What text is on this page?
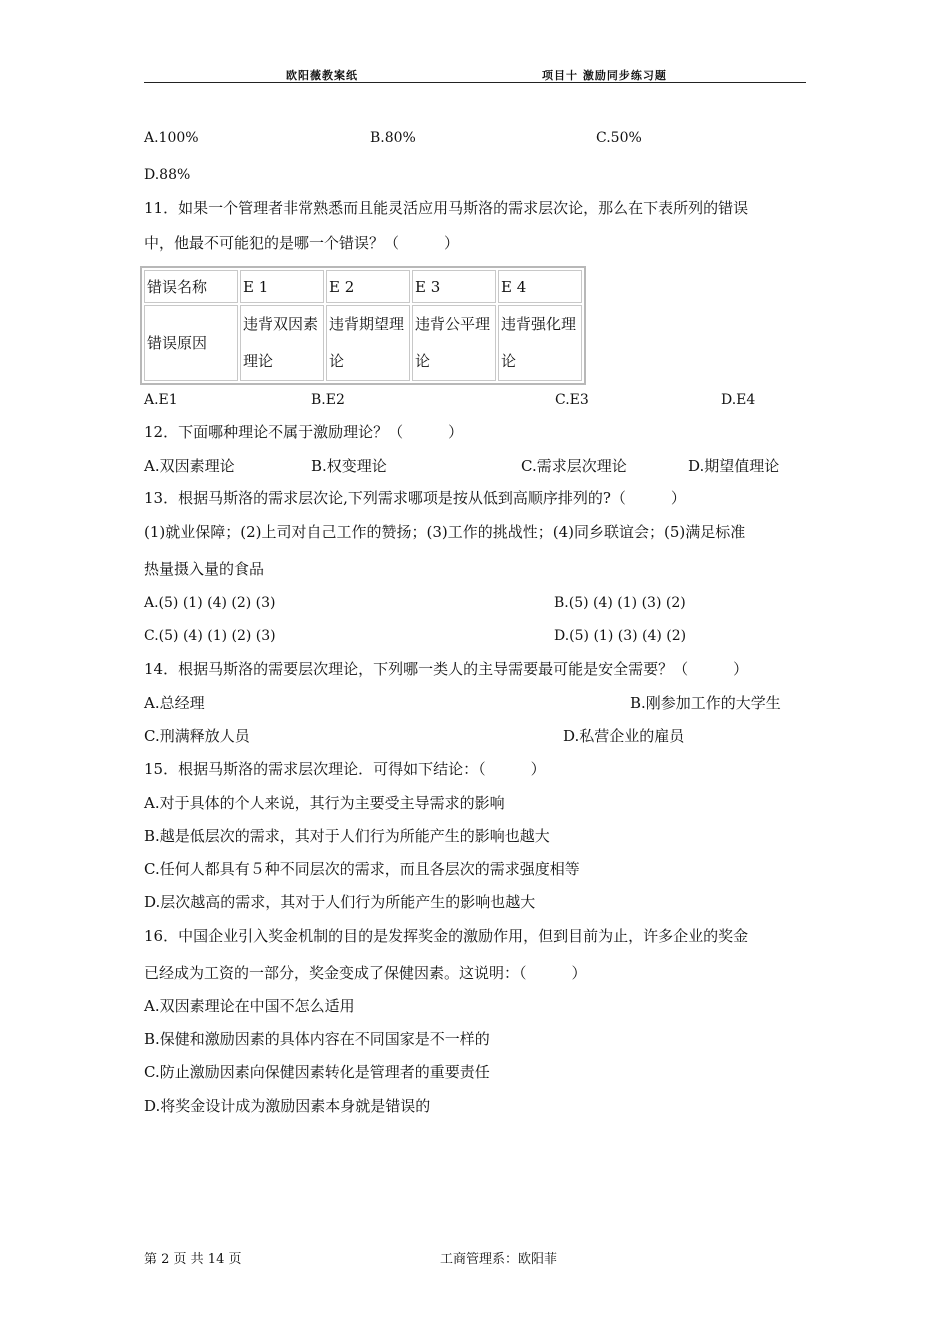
欧阳薇教案纸	项目十 激励同步练习题
A.100%	B.80%	C.50%
D.88%
11．如果一个管理者非常熟悉而且能灵活应用马斯洛的需求层次论，那么在下表所列的错误
中，他最不可能犯的是哪一个错误？（　　　）
错误名称	E 1	E 2	E 3	E 4
错误原因	违背双因素理论	违背期望理论	违背公平理论	违背强化理论
A.E1	B.E2	C.E3	D.E4
12．下面哪种理论不属于激励理论？（　　　）
A.双因素理论	B.权变理论	C.需求层次理论	D.期望值理论
13．根据马斯洛的需求层次论,下列需求哪项是按从低到高顺序排列的?（　　　）
(1)就业保障；(2)上司对自己工作的赞扬；(3)工作的挑战性；(4)同乡联谊会；(5)满足标准
热量摄入量的食品
A.(5) (1) (4) (2) (3)	B.(5) (4) (1) (3) (2)
C.(5) (4) (1) (2) (3)	D.(5) (1) (3) (4) (2)
14．根据马斯洛的需要层次理论，下列哪一类人的主导需要最可能是安全需要？（　　　）
A.总经理	B.刚参加工作的大学生
C.刑满释放人员	D.私营企业的雇员
15．根据马斯洛的需求层次理论．可得如下结论：（　　　）
A.对于具体的个人来说，其行为主要受主导需求的影响
B.越是低层次的需求，其对于人们行为所能产生的影响也越大
C.任何人都具有５种不同层次的需求，而且各层次的需求强度相等
D.层次越高的需求，其对于人们行为所能产生的影响也越大
16．中国企业引入奖金机制的目的是发挥奖金的激励作用，但到目前为止，许多企业的奖金
已经成为工资的一部分，奖金变成了保健因素。这说明：（　　　）
A.双因素理论在中国不怎么适用
B.保健和激励因素的具体内容在不同国家是不一样的
C.防止激励因素向保健因素转化是管理者的重要责任
D.将奖金设计成为激励因素本身就是错误的
第 2 页 共 14 页	工商管理系：欧阳菲
